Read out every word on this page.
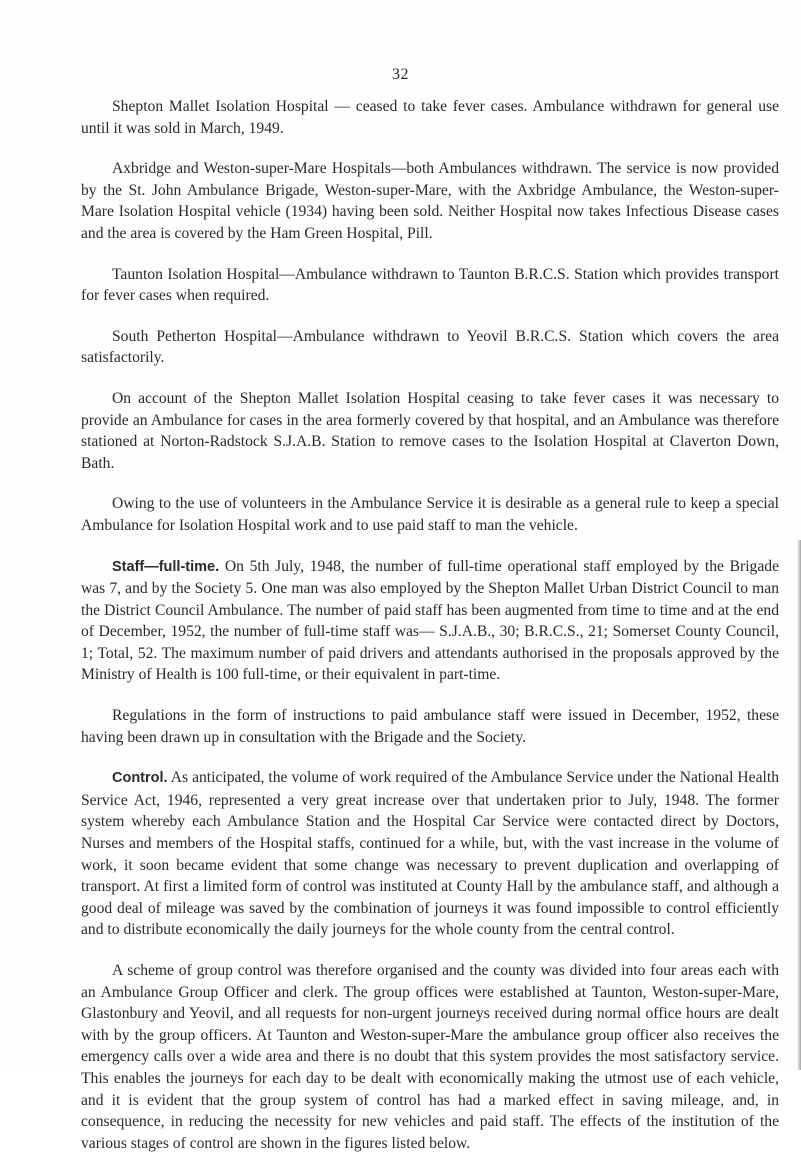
32

Shepton Mallet Isolation Hospital — ceased to take fever cases. Ambulance withdrawn for general use until it was sold in March, 1949.

Axbridge and Weston-super-Mare Hospitals—both Ambulances withdrawn. The service is now provided by the St. John Ambulance Brigade, Weston-super-Mare, with the Axbridge Ambulance, the Weston-super-Mare Isolation Hospital vehicle (1934) having been sold. Neither Hospital now takes Infectious Disease cases and the area is covered by the Ham Green Hospital, Pill.

Taunton Isolation Hospital—Ambulance withdrawn to Taunton B.R.C.S. Station which provides transport for fever cases when required.

South Petherton Hospital—Ambulance withdrawn to Yeovil B.R.C.S. Station which covers the area satisfactorily.

On account of the Shepton Mallet Isolation Hospital ceasing to take fever cases it was necessary to provide an Ambulance for cases in the area formerly covered by that hospital, and an Ambulance was therefore stationed at Norton-Radstock S.J.A.B. Station to remove cases to the Isolation Hospital at Claverton Down, Bath.

Owing to the use of volunteers in the Ambulance Service it is desirable as a general rule to keep a special Ambulance for Isolation Hospital work and to use paid staff to man the vehicle.

Staff—full-time. On 5th July, 1948, the number of full-time operational staff employed by the Brigade was 7, and by the Society 5. One man was also employed by the Shepton Mallet Urban District Council to man the District Council Ambulance. The number of paid staff has been augmented from time to time and at the end of December, 1952, the number of full-time staff was— S.J.A.B., 30; B.R.C.S., 21; Somerset County Council, 1; Total, 52. The maximum number of paid drivers and attendants authorised in the proposals approved by the Ministry of Health is 100 full-time, or their equivalent in part-time.

Regulations in the form of instructions to paid ambulance staff were issued in December, 1952, these having been drawn up in consultation with the Brigade and the Society.

Control. As anticipated, the volume of work required of the Ambulance Service under the National Health Service Act, 1946, represented a very great increase over that undertaken prior to July, 1948. The former system whereby each Ambulance Station and the Hospital Car Service were contacted direct by Doctors, Nurses and members of the Hospital staffs, continued for a while, but, with the vast increase in the volume of work, it soon became evident that some change was necessary to prevent duplication and overlapping of transport. At first a limited form of control was instituted at County Hall by the ambulance staff, and although a good deal of mileage was saved by the combination of journeys it was found impossible to control efficiently and to distribute economically the daily journeys for the whole county from the central control.

A scheme of group control was therefore organised and the county was divided into four areas each with an Ambulance Group Officer and clerk. The group offices were established at Taunton, Weston-super-Mare, Glastonbury and Yeovil, and all requests for non-urgent journeys received during normal office hours are dealt with by the group officers. At Taunton and Weston-super-Mare the ambulance group officer also receives the emergency calls over a wide area and there is no doubt that this system provides the most satisfactory service. This enables the journeys for each day to be dealt with economically making the utmost use of each vehicle, and it is evident that the group system of control has had a marked effect in saving mileage, and, in consequence, in reducing the necessity for new vehicles and paid staff. The effects of the institution of the various stages of control are shown in the figures listed below.
